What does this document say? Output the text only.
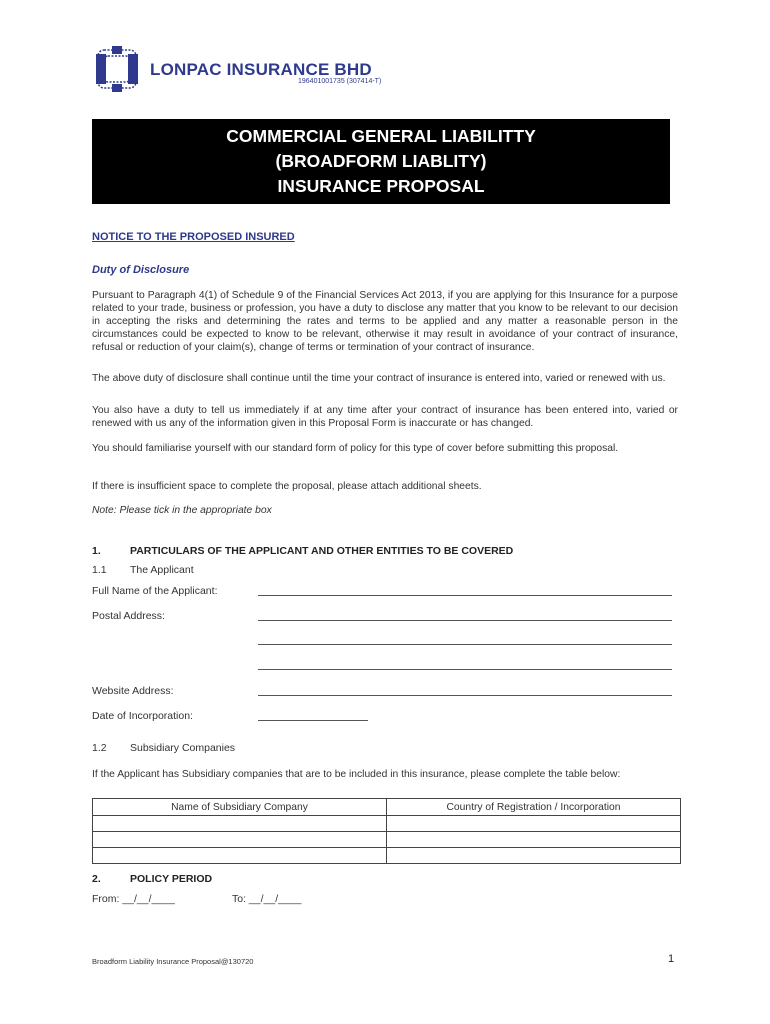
LONPAC INSURANCE BHD
196401001735 (307414-T)
COMMERCIAL GENERAL LIABILITTY
(BROADFORM LIABLITY)
INSURANCE PROPOSAL
NOTICE TO THE PROPOSED INSURED
Duty of Disclosure
Pursuant to Paragraph 4(1) of Schedule 9 of the Financial Services Act 2013, if you are applying for this Insurance for a purpose related to your trade, business or profession, you have a duty to disclose any matter that you know to be relevant to our decision in accepting the risks and determining the rates and terms to be applied and any matter a reasonable person in the circumstances could be expected to know to be relevant, otherwise it may result in avoidance of your contract of insurance, refusal or reduction of your claim(s), change of terms or termination of your contract of insurance.
The above duty of disclosure shall continue until the time your contract of insurance is entered into, varied or renewed with us.
You also have a duty to tell us immediately if at any time after your contract of insurance has been entered into, varied or renewed with us any of the information given in this Proposal Form is inaccurate or has changed.
You should familiarise yourself with our standard form of policy for this type of cover before submitting this proposal.
If there is insufficient space to complete the proposal, please attach additional sheets.
Note: Please tick in the appropriate box
1.	PARTICULARS OF THE APPLICANT AND OTHER ENTITIES TO BE COVERED
1.1 The Applicant
Full Name of the Applicant:
Postal Address:
Website Address:
Date of Incorporation:
1.2 Subsidiary Companies
If the Applicant has Subsidiary companies that are to be included in this insurance, please complete the table below:
Name of Subsidiary Company	Country of Registration / Incorporation

2.	POLICY PERIOD
From: __/__/____	To: __/__/____
Broadform Liability Insurance Proposal@130720	1
